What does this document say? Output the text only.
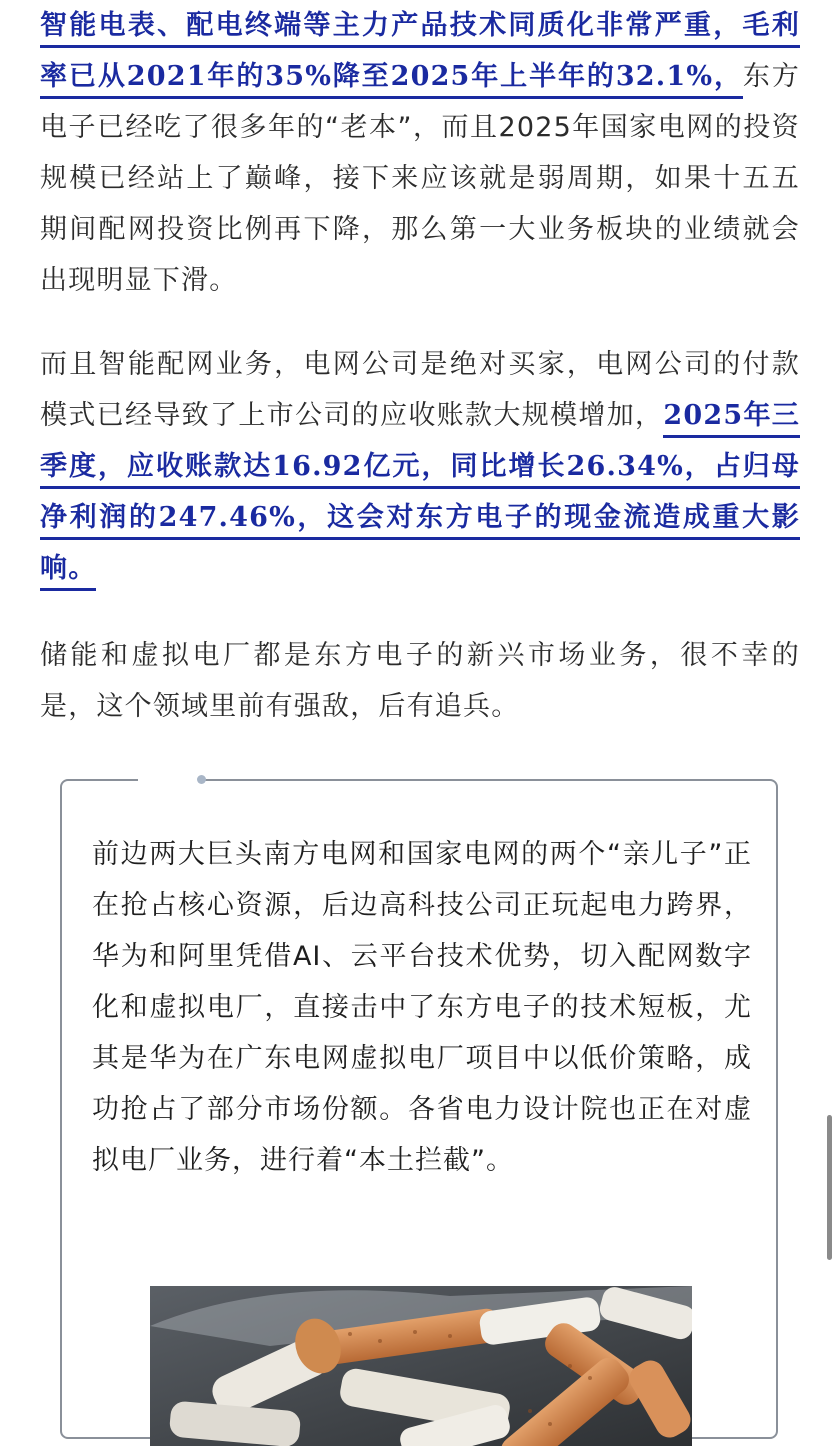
智能电表、配电终端等主力产品技术同质化非常严重，毛利率已从2021年的35%降至2025年上半年的32.1%，东方电子已经吃了很多年的“老本”，而且2025年国家电网的投资规模已经站上了巅峰，接下来应该就是弱周期，如果十五五期间配网投资比例再下降，那么第一大业务板块的业绩就会出现明显下滑。

而且智能配网业务，电网公司是绝对买家，电网公司的付款模式已经导致了上市公司的应收账款大规模增加，2025年三季度，应收账款达16.92亿元，同比增长26.34%，占归母净利润的247.46%，这会对东方电子的现金流造成重大影响。

储能和虚拟电厂都是东方电子的新兴市场业务，很不幸的是，这个领域里前有强敌，后有追兵。

前边两大巨头南方电网和国家电网的两个“亲儿子”正在抢占核心资源，后边高科技公司正玩起电力跨界，华为和阿里凭借AI、云平台技术优势，切入配网数字化和虚拟电厂，直接击中了东方电子的技术短板，尤其是华为在广东电网虚拟电厂项目中以低价策略，成功抢占了部分市场份额。各省电力设计院也正在对虚拟电厂业务，进行着“本土拦截”。
